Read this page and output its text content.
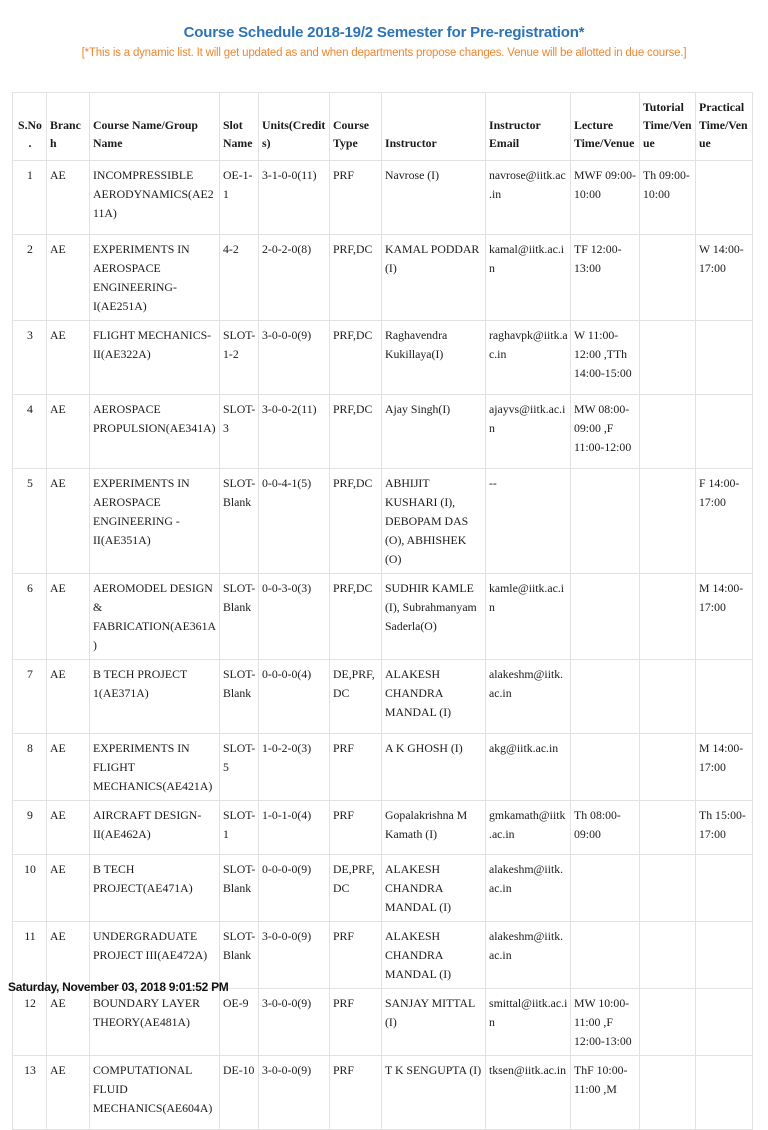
Course Schedule 2018-19/2 Semester for Pre-registration*
[*This is a dynamic list. It will get updated as and when departments propose changes. Venue will be allotted in due course.]
S.No .	Branch	Course Name/Group Name	Slot Name	Units(Credits)	Course Type	Instructor	Instructor Email	Lecture Time/Venue	Tutorial Time/Venue	Practical Time/Venue
1	AE	INCOMPRESSIBLE AERODYNAMICS(AE211A)	OE-1-1	3-1-0-0(11)	PRF	Navrose (I)	navrose@iitk.ac.in	MWF 09:00-10:00	Th 09:00-10:00	
2	AE	EXPERIMENTS IN AEROSPACE ENGINEERING-I(AE251A)	4-2	2-0-2-0(8)	PRF,DC	KAMAL PODDAR (I)	kamal@iitk.ac.in	TF 12:00-13:00		W 14:00-17:00
3	AE	FLIGHT MECHANICS-II(AE322A)	SLOT-1-2	3-0-0-0(9)	PRF,DC	Raghavendra Kukillaya(I)	raghavpk@iitk.ac.in	W 11:00-12:00 ,TTh 14:00-15:00		
4	AE	AEROSPACE PROPULSION(AE341A)	SLOT-3	3-0-0-2(11)	PRF,DC	Ajay Singh(I)	ajayvs@iitk.ac.in	MW 08:00-09:00 ,F 11:00-12:00		
5	AE	EXPERIMENTS IN AEROSPACE ENGINEERING -II(AE351A)	SLOT-Blank	0-0-4-1(5)	PRF,DC	ABHIJIT KUSHARI (I), DEBOPAM DAS (O), ABHISHEK (O)	--			F 14:00-17:00
6	AE	AEROMODEL DESIGN & FABRICATION(AE361A)	SLOT-Blank	0-0-3-0(3)	PRF,DC	SUDHIR KAMLE (I), Subrahmanyam Saderla(O)	kamle@iitk.ac.in			M 14:00-17:00
7	AE	B TECH PROJECT 1(AE371A)	SLOT-Blank	0-0-0-0(4)	DE,PRF,DC	ALAKESH CHANDRA MANDAL (I)	alakeshm@iitk.ac.in			
8	AE	EXPERIMENTS IN FLIGHT MECHANICS(AE421A)	SLOT-5	1-0-2-0(3)	PRF	A K GHOSH (I)	akg@iitk.ac.in			M 14:00-17:00
9	AE	AIRCRAFT DESIGN-II(AE462A)	SLOT-1	1-0-1-0(4)	PRF	Gopalakrishna M Kamath (I)	gmkamath@iitk.ac.in	Th 08:00-09:00		Th 15:00-17:00
10	AE	B TECH PROJECT(AE471A)	SLOT-Blank	0-0-0-0(9)	DE,PRF,DC	ALAKESH CHANDRA MANDAL (I)	alakeshm@iitk.ac.in			
11	AE	UNDERGRADUATE PROJECT III(AE472A)	SLOT-Blank	3-0-0-0(9)	PRF	ALAKESH CHANDRA MANDAL (I)	alakeshm@iitk.ac.in			
12	AE	BOUNDARY LAYER THEORY(AE481A)	OE-9	3-0-0-0(9)	PRF	SANJAY MITTAL (I)	smittal@iitk.ac.in	MW 10:00-11:00 ,F 12:00-13:00		
13	AE	COMPUTATIONAL FLUID MECHANICS(AE604A)	DE-10	3-0-0-0(9)	PRF	T K SENGUPTA (I)	tksen@iitk.ac.in	ThF 10:00-11:00 ,M		
Saturday, November 03, 2018 9:01:52 PM
